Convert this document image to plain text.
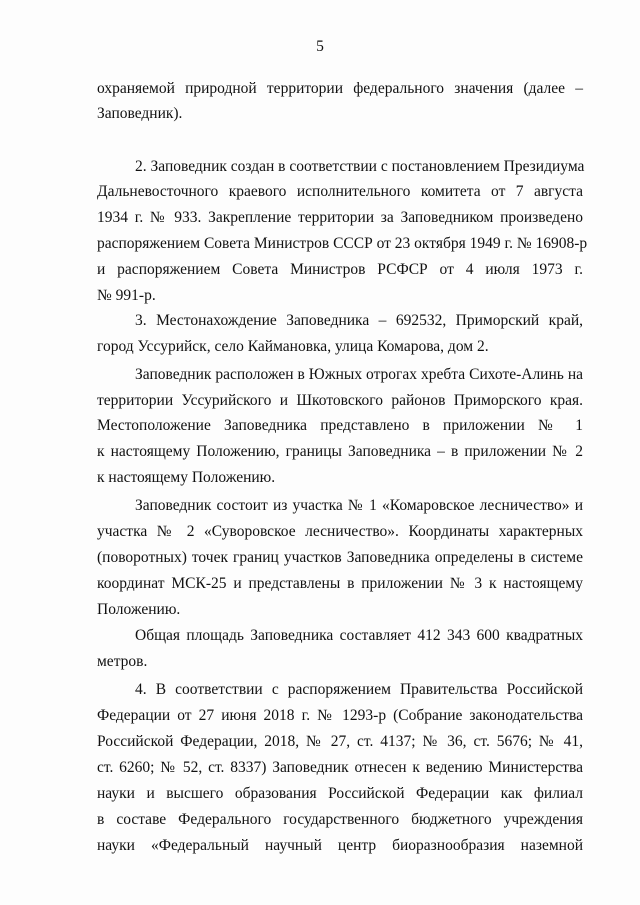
5
охраняемой природной территории федерального значения (далее –
Заповедник).
2. Заповедник создан в соответствии с постановлением Президиума
Дальневосточного краевого исполнительного комитета от 7 августа
1934 г. № 933. Закрепление территории за Заповедником произведено
распоряжением Совета Министров СССР от 23 октября 1949 г. № 16908-р
и распоряжением Совета Министров РСФСР от 4 июля 1973 г.
№ 991-р.
3. Местонахождение Заповедника – 692532, Приморский край,
город Уссурийск, село Каймановка, улица Комарова, дом 2.
Заповедник расположен в Южных отрогах хребта Сихоте-Алинь на
территории Уссурийского и Шкотовского районов Приморского края.
Местоположение Заповедника представлено в приложении № 1
к настоящему Положению, границы Заповедника – в приложении № 2
к настоящему Положению.
Заповедник состоит из участка № 1 «Комаровское лесничество» и
участка № 2 «Суворовское лесничество». Координаты характерных
(поворотных) точек границ участков Заповедника определены в системе
координат МСК-25 и представлены в приложении № 3 к настоящему
Положению.
Общая площадь Заповедника составляет 412 343 600 квадратных
метров.
4. В соответствии с распоряжением Правительства Российской
Федерации от 27 июня 2018 г. № 1293-р (Собрание законодательства
Российской Федерации, 2018, № 27, ст. 4137; № 36, ст. 5676; № 41,
ст. 6260; № 52, ст. 8337) Заповедник отнесен к ведению Министерства
науки и высшего образования Российской Федерации как филиал
в составе Федерального государственного бюджетного учреждения
науки «Федеральный научный центр биоразнообразия наземной
